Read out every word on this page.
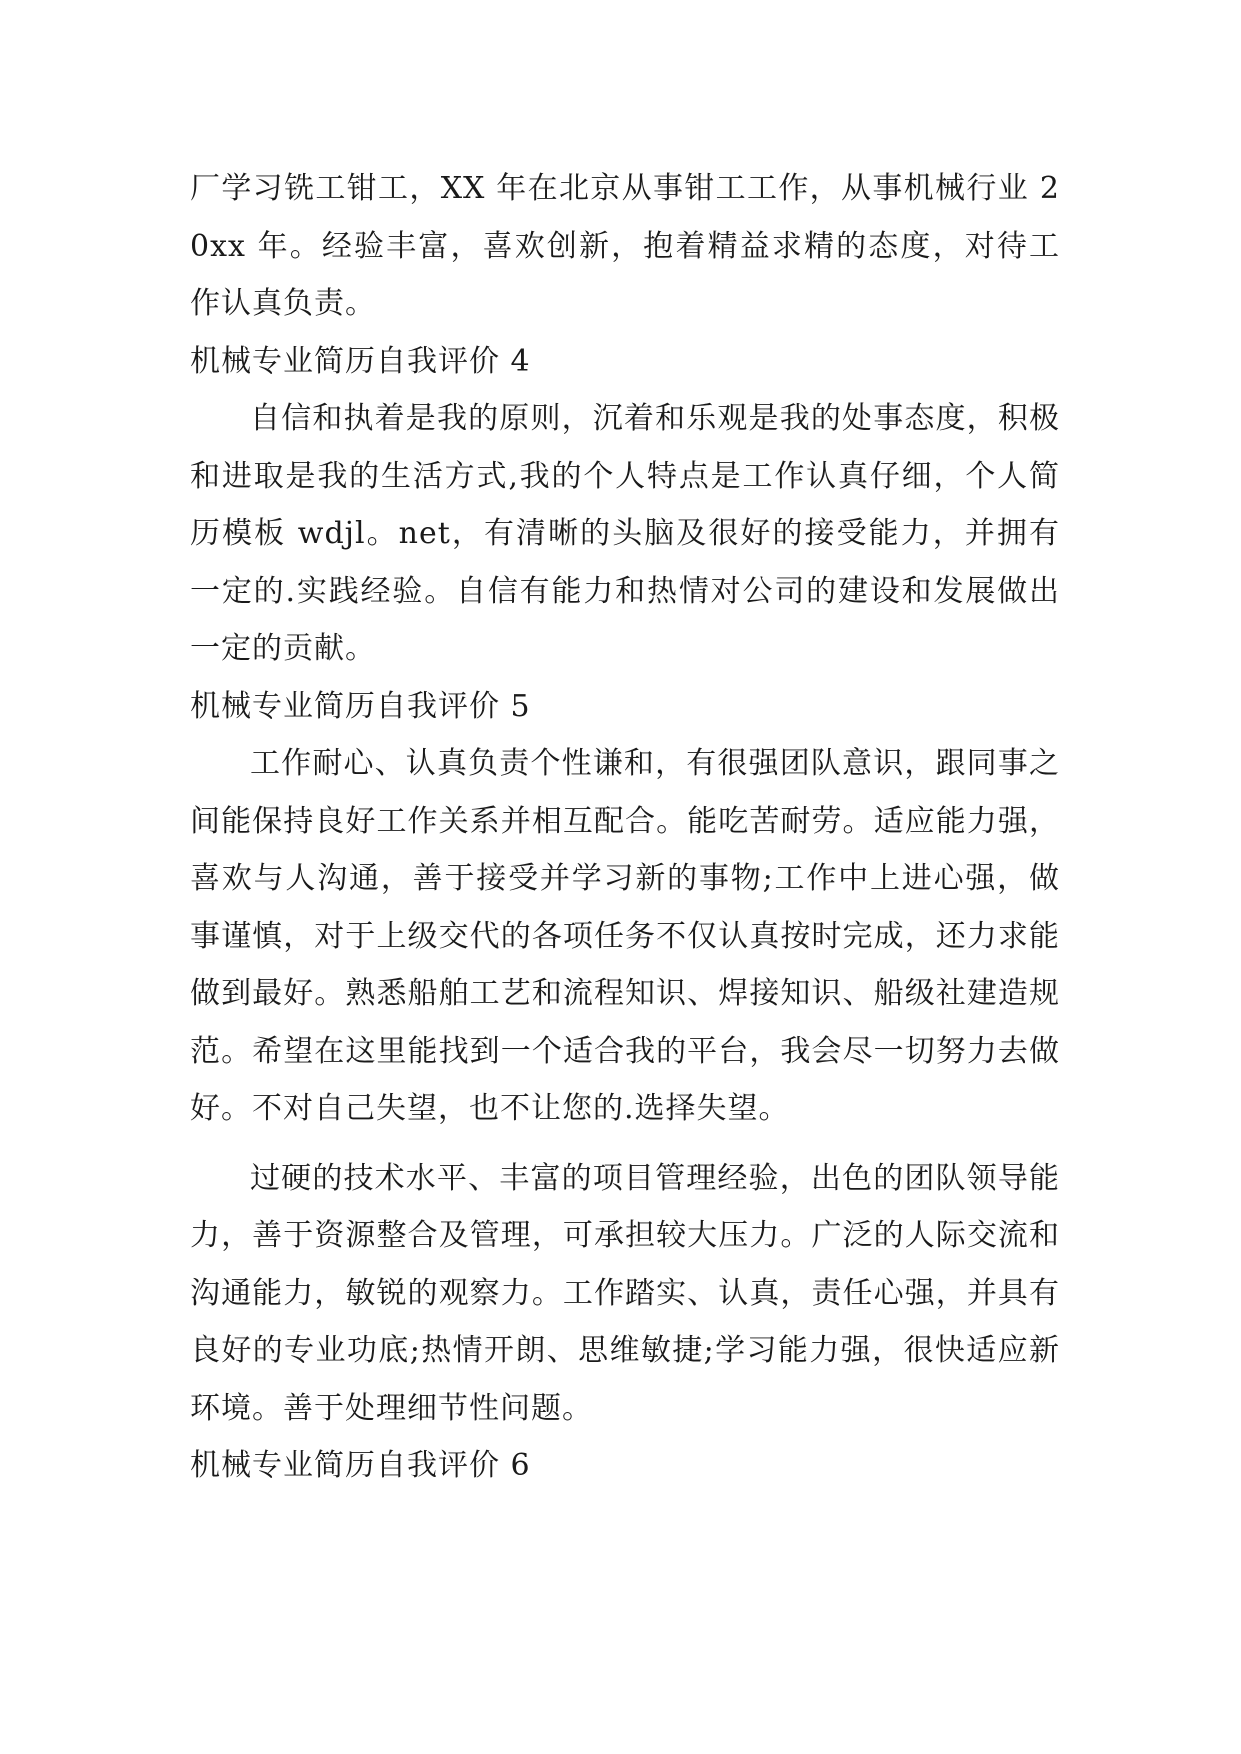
厂学习铣工钳工，XX 年在北京从事钳工工作，从事机械行业 20xx 年。经验丰富，喜欢创新，抱着精益求精的态度，对待工作认真负责。

机械专业简历自我评价 4

自信和执着是我的原则，沉着和乐观是我的处事态度，积极和进取是我的生活方式,我的个人特点是工作认真仔细，个人简历模板 wdjl。net，有清晰的头脑及很好的接受能力，并拥有一定的.实践经验。自信有能力和热情对公司的建设和发展做出一定的贡献。

机械专业简历自我评价 5

工作耐心、认真负责个性谦和，有很强团队意识，跟同事之间能保持良好工作关系并相互配合。能吃苦耐劳。适应能力强，喜欢与人沟通，善于接受并学习新的事物;工作中上进心强，做事谨慎，对于上级交代的各项任务不仅认真按时完成，还力求能做到最好。熟悉船舶工艺和流程知识、焊接知识、船级社建造规范。希望在这里能找到一个适合我的平台，我会尽一切努力去做好。不对自己失望，也不让您的.选择失望。

过硬的技术水平、丰富的项目管理经验，出色的团队领导能力，善于资源整合及管理，可承担较大压力。广泛的人际交流和沟通能力，敏锐的观察力。工作踏实、认真，责任心强，并具有良好的专业功底;热情开朗、思维敏捷;学习能力强，很快适应新环境。善于处理细节性问题。

机械专业简历自我评价 6
